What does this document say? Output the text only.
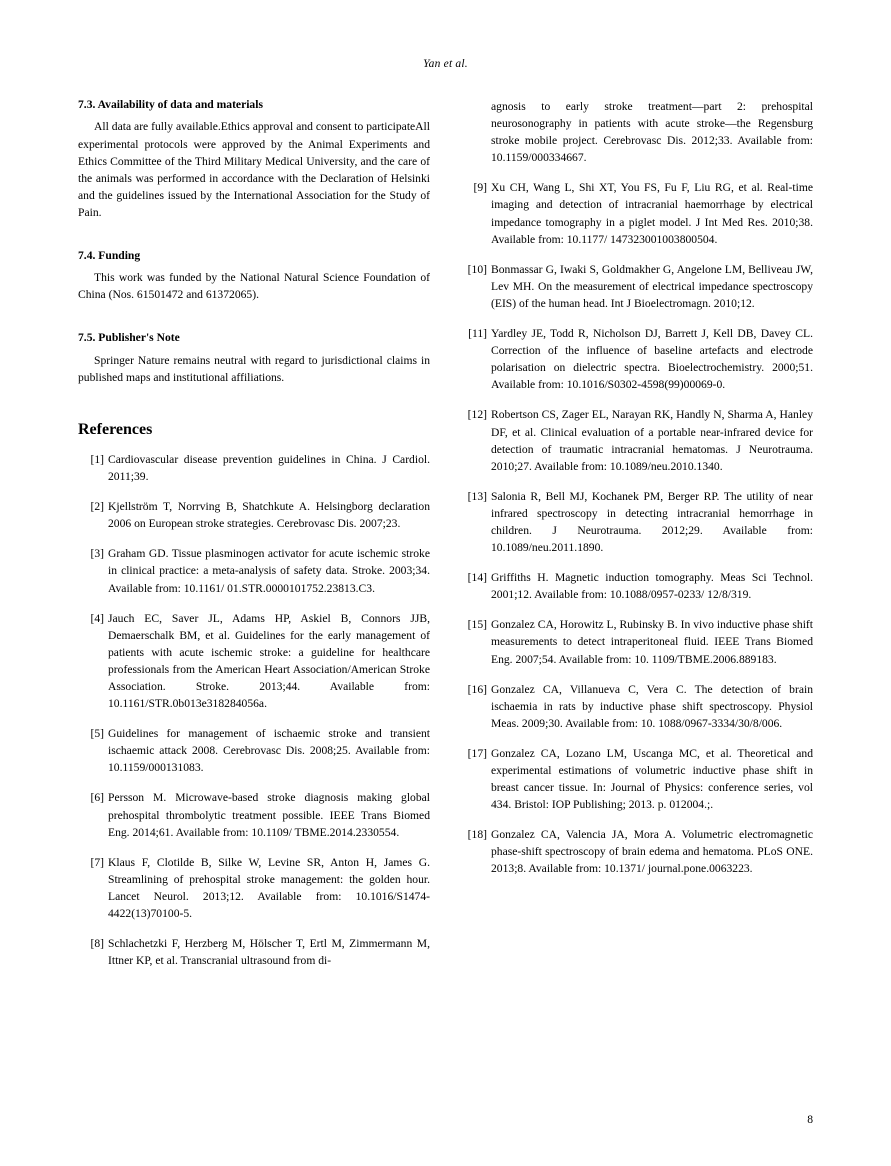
Yan et al.
7.3. Availability of data and materials

All data are fully available.Ethics approval and consent to participateAll experimental protocols were approved by the Animal Experiments and Ethics Committee of the Third Military Medical University, and the care of the animals was performed in accordance with the Declaration of Helsinki and the guidelines issued by the International Association for the Study of Pain.

7.4. Funding

This work was funded by the National Natural Science Foundation of China (Nos. 61501472 and 61372065).

7.5. Publisher's Note

Springer Nature remains neutral with regard to jurisdictional claims in published maps and institutional affiliations.

References
[1] Cardiovascular disease prevention guidelines in China. J Cardiol. 2011;39.
[2] Kjellström T, Norrving B, Shatchkute A. Helsingborg declaration 2006 on European stroke strategies. Cerebrovasc Dis. 2007;23.
[3] Graham GD. Tissue plasminogen activator for acute ischemic stroke in clinical practice: a meta-analysis of safety data. Stroke. 2003;34. Available from: 10.1161/ 01.STR.0000101752.23813.C3.
[4] Jauch EC, Saver JL, Adams HP, Askiel B, Connors JJB, Demaerschalk BM, et al. Guidelines for the early management of patients with acute ischemic stroke: a guideline for healthcare professionals from the American Heart Association/American Stroke Association. Stroke. 2013;44. Available from: 10.1161/STR.0b013e318284056a.
[5] Guidelines for management of ischaemic stroke and transient ischaemic attack 2008. Cerebrovasc Dis. 2008;25. Available from: 10.1159/000131083.
[6] Persson M. Microwave-based stroke diagnosis making global prehospital thrombolytic treatment possible. IEEE Trans Biomed Eng. 2014;61. Available from: 10.1109/ TBME.2014.2330554.
[7] Klaus F, Clotilde B, Silke W, Levine SR, Anton H, James G. Streamlining of prehospital stroke management: the golden hour. Lancet Neurol. 2013;12. Available from: 10.1016/S1474-4422(13)70100-5.
[8] Schlachetzki F, Herzberg M, Hölscher T, Ertl M, Zimmermann M, Ittner KP, et al. Transcranial ultrasound from di-

agnosis to early stroke treatment—part 2: prehospital neurosonography in patients with acute stroke—the Regensburg stroke mobile project. Cerebrovasc Dis. 2012;33. Available from: 10.1159/000334667.

[9] Xu CH, Wang L, Shi XT, You FS, Fu F, Liu RG, et al. Real-time imaging and detection of intracranial haemorrhage by electrical impedance tomography in a piglet model. J Int Med Res. 2010;38. Available from: 10.1177/ 147323001003800504.
[10] Bonmassar G, Iwaki S, Goldmakher G, Angelone LM, Belliveau JW, Lev MH. On the measurement of electrical impedance spectroscopy (EIS) of the human head. Int J Bioelectromagn. 2010;12.
[11] Yardley JE, Todd R, Nicholson DJ, Barrett J, Kell DB, Davey CL. Correction of the influence of baseline artefacts and electrode polarisation on dielectric spectra. Bioelectrochemistry. 2000;51. Available from: 10.1016/S0302-4598(99)00069-0.
[12] Robertson CS, Zager EL, Narayan RK, Handly N, Sharma A, Hanley DF, et al. Clinical evaluation of a portable near-infrared device for detection of traumatic intracranial hematomas. J Neurotrauma. 2010;27. Available from: 10.1089/neu.2010.1340.
[13] Salonia R, Bell MJ, Kochanek PM, Berger RP. The utility of near infrared spectroscopy in detecting intracranial hemorrhage in children. J Neurotrauma. 2012;29. Available from: 10.1089/neu.2011.1890.
[14] Griffiths H. Magnetic induction tomography. Meas Sci Technol. 2001;12. Available from: 10.1088/0957-0233/ 12/8/319.
[15] Gonzalez CA, Horowitz L, Rubinsky B. In vivo inductive phase shift measurements to detect intraperitoneal fluid. IEEE Trans Biomed Eng. 2007;54. Available from: 10. 1109/TBME.2006.889183.
[16] Gonzalez CA, Villanueva C, Vera C. The detection of brain ischaemia in rats by inductive phase shift spectroscopy. Physiol Meas. 2009;30. Available from: 10. 1088/0967-3334/30/8/006.
[17] Gonzalez CA, Lozano LM, Uscanga MC, et al. Theoretical and experimental estimations of volumetric inductive phase shift in breast cancer tissue. In: Journal of Physics: conference series, vol 434. Bristol: IOP Publishing; 2013. p. 012004.;.
[18] Gonzalez CA, Valencia JA, Mora A. Volumetric electromagnetic phase-shift spectroscopy of brain edema and hematoma. PLoS ONE. 2013;8. Available from: 10.1371/ journal.pone.0063223.
8
